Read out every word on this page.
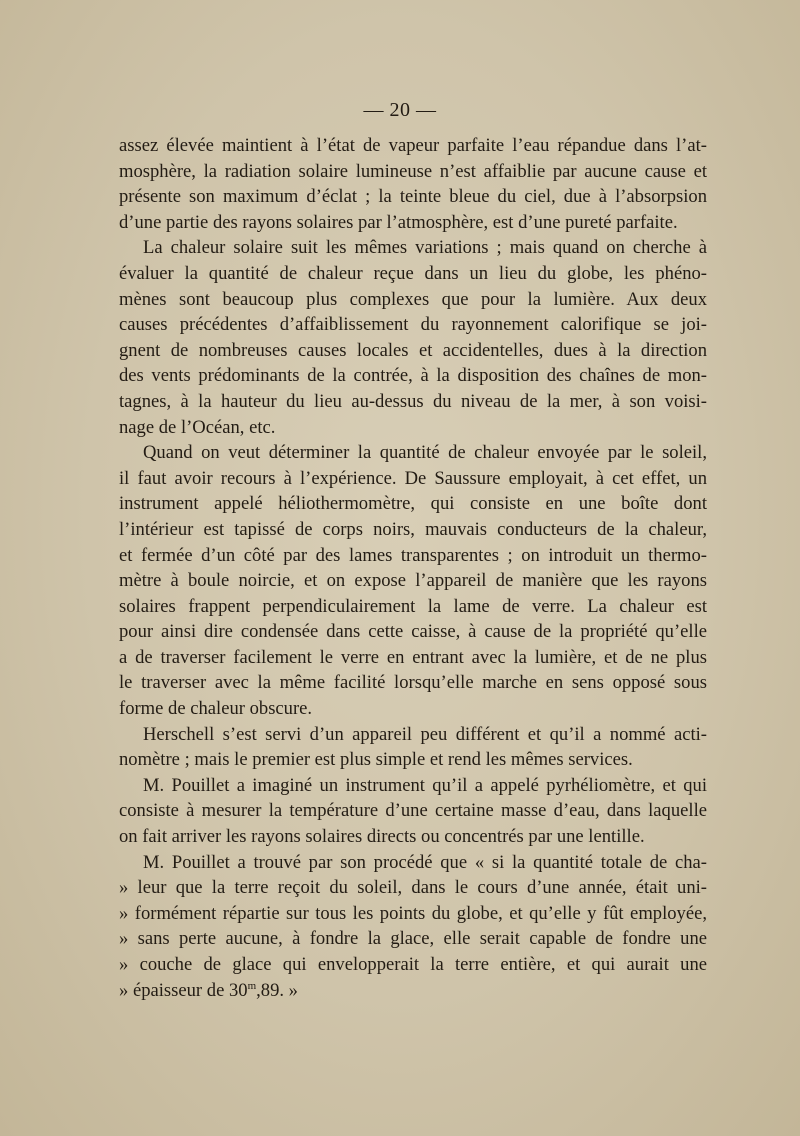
— 20 —

assez élevée maintient à l’état de vapeur parfaite l’eau répandue dans l’at-
mosphère, la radiation solaire lumineuse n’est affaiblie par aucune cause et
présente son maximum d’éclat ; la teinte bleue du ciel, due à l’absorpsion
d’une partie des rayons solaires par l’atmosphère, est d’une pureté parfaite.

La chaleur solaire suit les mêmes variations ; mais quand on cherche à
évaluer la quantité de chaleur reçue dans un lieu du globe, les phéno-
mènes sont beaucoup plus complexes que pour la lumière. Aux deux
causes précédentes d’affaiblissement du rayonnement calorifique se joi-
gnent de nombreuses causes locales et accidentelles, dues à la direction
des vents prédominants de la contrée, à la disposition des chaînes de mon-
tagnes, à la hauteur du lieu au-dessus du niveau de la mer, à son voisi-
nage de l’Océan, etc.

Quand on veut déterminer la quantité de chaleur envoyée par le soleil,
il faut avoir recours à l’expérience. De Saussure employait, à cet effet, un
instrument appelé héliothermomètre, qui consiste en une boîte dont
l’intérieur est tapissé de corps noirs, mauvais conducteurs de la chaleur,
et fermée d’un côté par des lames transparentes ; on introduit un thermo-
mètre à boule noircie, et on expose l’appareil de manière que les rayons
solaires frappent perpendiculairement la lame de verre. La chaleur est
pour ainsi dire condensée dans cette caisse, à cause de la propriété qu’elle
a de traverser facilement le verre en entrant avec la lumière, et de ne plus
le traverser avec la même facilité lorsqu’elle marche en sens opposé sous
forme de chaleur obscure.

Herschell s’est servi d’un appareil peu différent et qu’il a nommé acti-
nomètre ; mais le premier est plus simple et rend les mêmes services.

M. Pouillet a imaginé un instrument qu’il a appelé pyrhéliomètre, et qui
consiste à mesurer la température d’une certaine masse d’eau, dans laquelle
on fait arriver les rayons solaires directs ou concentrés par une lentille.

M. Pouillet a trouvé par son procédé que « si la quantité totale de cha-
» leur que la terre reçoit du soleil, dans le cours d’une année, était uni-
» formément répartie sur tous les points du globe, et qu’elle y fût employée,
» sans perte aucune, à fondre la glace, elle serait capable de fondre une
» couche de glace qui envelopperait la terre entière, et qui aurait une
» épaisseur de 30$^m$,89. »
